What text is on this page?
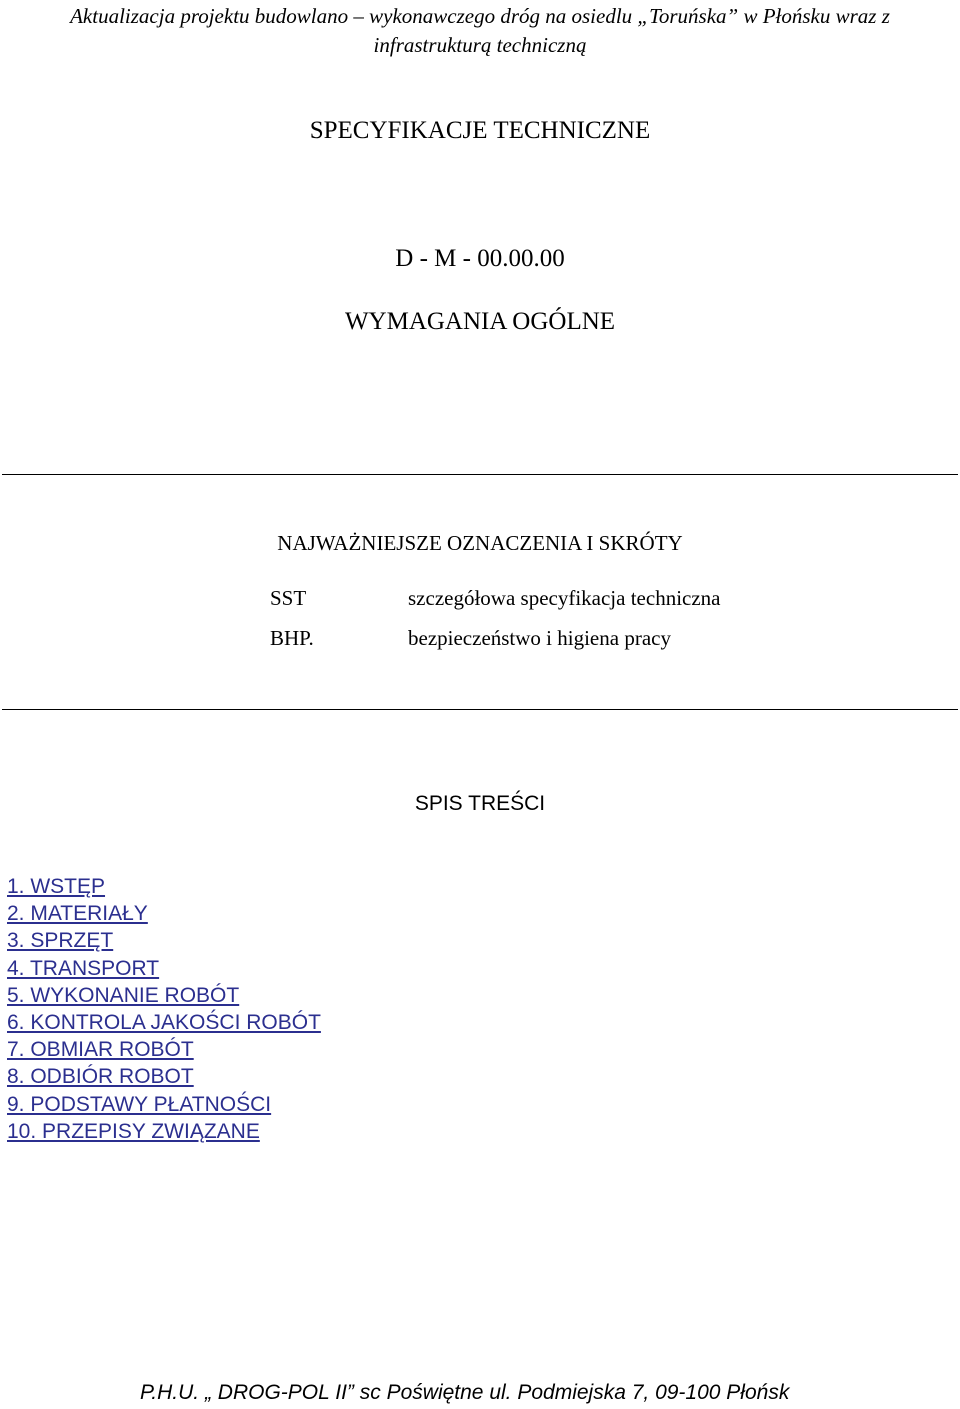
Aktualizacja projektu budowlano – wykonawczego dróg na osiedlu „Toruńska” w Płońsku wraz z
infrastrukturą techniczną
SPECYFIKACJE TECHNICZNE
D - M - 00.00.00
WYMAGANIA OGÓLNE
NAJWAŻNIEJSZE OZNACZENIA I SKRÓTY
SST	szczegółowa specyfikacja techniczna
BHP.	bezpieczeństwo i higiena pracy
SPIS TREŚCI
1. WSTĘP
2. MATERIAŁY
3. SPRZĘT
4. TRANSPORT
5. WYKONANIE ROBÓT
6. KONTROLA JAKOŚCI ROBÓT
7. OBMIAR ROBÓT
8. ODBIÓR ROBOT
9. PODSTAWY PŁATNOŚCI
10. PRZEPISY ZWIĄZANE
P.H.U. „ DROG-POL II” sc Poświętne ul. Podmiejska 7, 09-100 Płońsk
